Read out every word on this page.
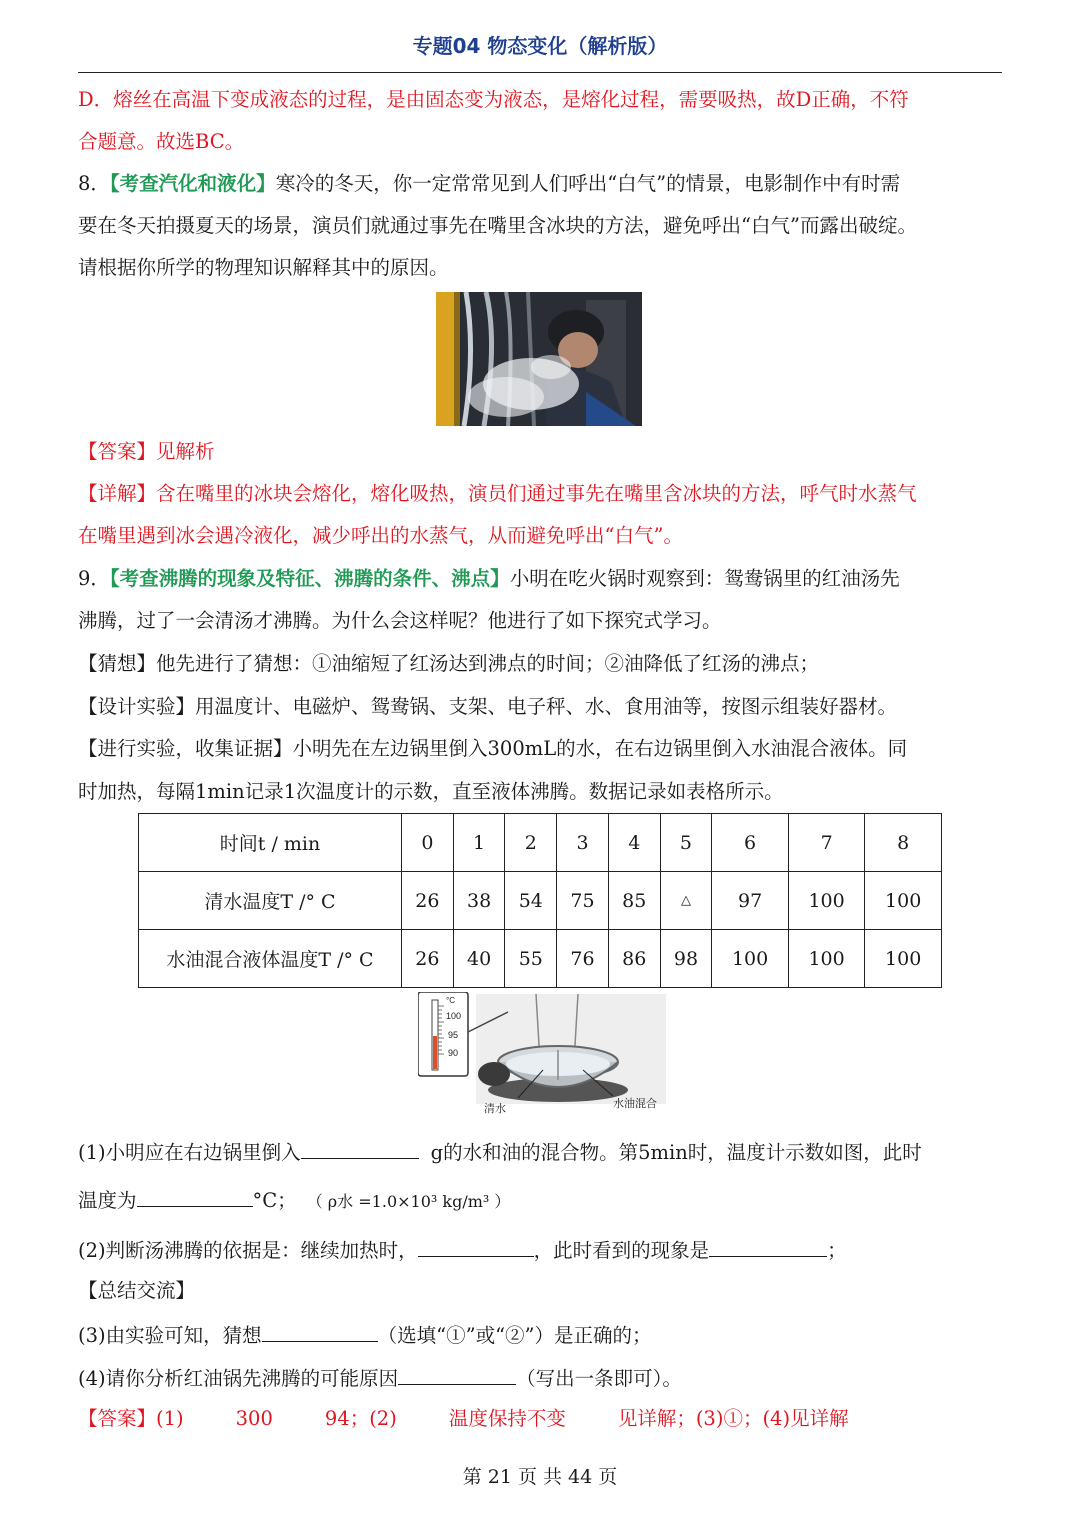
专题04 物态变化（解析版）
D．熔丝在高温下变成液态的过程，是由固态变为液态，是熔化过程，需要吸热，故D正确，不符
合题意。故选BC。
8．【考查汽化和液化】寒冷的冬天，你一定常常见到人们呼出“白气”的情景，电影制作中有时需
要在冬天拍摄夏天的场景，演员们就通过事先在嘴里含冰块的方法，避免呼出“白气”而露出破绽。
请根据你所学的物理知识解释其中的原因。
【答案】见解析
【详解】含在嘴里的冰块会熔化，熔化吸热，演员们通过事先在嘴里含冰块的方法，呼气时水蒸气
在嘴里遇到冰会遇冷液化，减少呼出的水蒸气，从而避免呼出“白气”。
9．【考查沸腾的现象及特征、沸腾的条件、沸点】小明在吃火锅时观察到：鸳鸯锅里的红油汤先
沸腾，过了一会清汤才沸腾。为什么会这样呢？他进行了如下探究式学习。
【猜想】他先进行了猜想：①油缩短了红汤达到沸点的时间；②油降低了红汤的沸点；
【设计实验】用温度计、电磁炉、鸳鸯锅、支架、电子秤、水、食用油等，按图示组装好器材。
【进行实验，收集证据】小明先在左边锅里倒入300mL的水，在右边锅里倒入水油混合液体。同
时加热，每隔1min记录1次温度计的示数，直至液体沸腾。数据记录如表格所示。
时间t / min	0	1	2	3	4	5	6	7	8
清水温度T /° C	26	38	54	75	85	△	97	100	100
水油混合液体温度T /° C	26	40	55	76	86	98	100	100	100
°C
100
95
90
清水	水油混合
(1)小明应在右边锅里倒入	g的水和油的混合物。第5min时，温度计示数如图，此时
温度为	°C； （ ρ水 =1.0×10³ kg/m³ ）
(2)判断汤沸腾的依据是：继续加热时，	，此时看到的现象是	；
【总结交流】
(3)由实验可知，猜想	（选填“①”或“②”）是正确的；
(4)请你分析红油锅先沸腾的可能原因	（写出一条即可）。
【答案】(1)	300	94；(2)	温度保持不变	见详解；(3)①；(4)见详解
第 21 页 共 44 页
